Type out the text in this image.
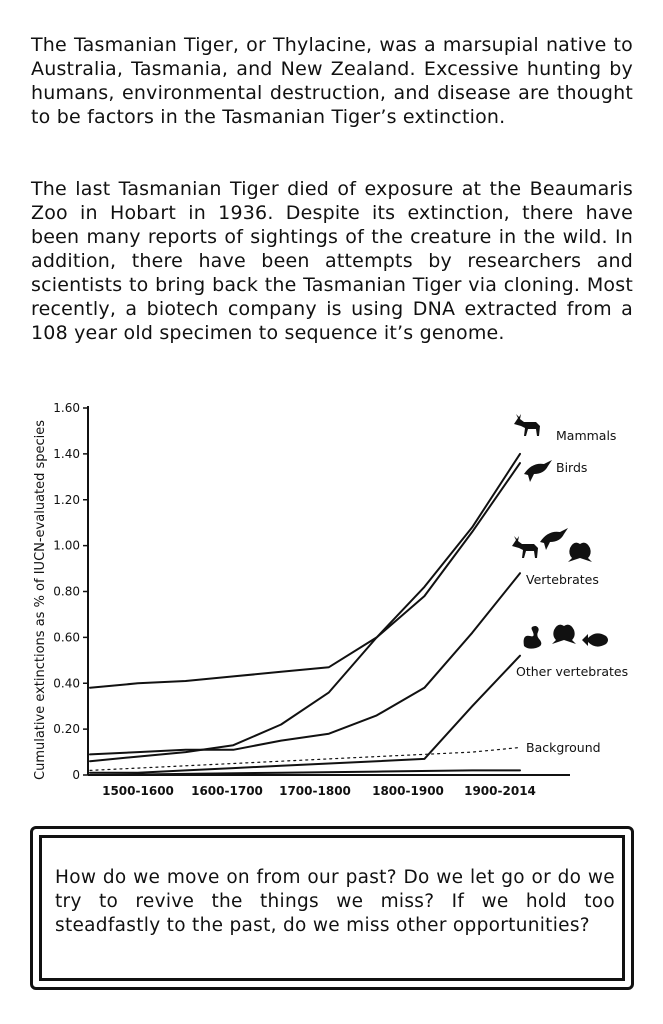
The Tasmanian Tiger, or Thylacine, was a marsupial native to Australia, Tasmania, and New Zealand. Excessive hunting by humans, environmental destruction, and disease are thought to be factors in the Tasmanian Tiger’s extinction.

The last Tasmanian Tiger died of exposure at the Beaumaris Zoo in Hobart in 1936. Despite its extinction, there have been many reports of sightings of the creature in the wild. In addition, there have been attempts by researchers and scientists to bring back the Tasmanian Tiger via cloning. Most recently, a biotech company is using DNA extracted from a 108 year old specimen to sequence it’s genome.

0
0.20
0.40
0.60
0.80
1.00
1.20
1.40
1.60
1500-1600 1600-1700 1700-1800 1800-1900 1900-2014
Mammals
Birds
Vertebrates
Other vertebrates
Background
Cumulative extinctions as % of IUCN-evaluated species

How do we move on from our past? Do we let go or do we try to revive the things we miss? If we hold too steadfastly to the past, do we miss other opportunities?
